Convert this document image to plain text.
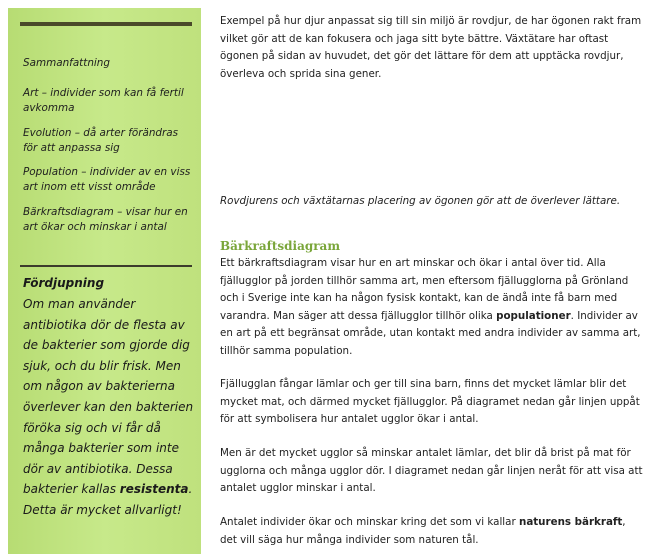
Sammanfattning
Art – individer som kan få fertil avkomma
Evolution – då arter förändras för att anpassa sig
Population – individer av en viss art inom ett visst område
Bärkraftsdiagram – visar hur en art ökar och minskar i antal
Fördjupning
Om man använder antibiotika dör de flesta av de bakterier som gjorde dig sjuk, och du blir frisk. Men om någon av bakterierna överlever kan den bakterien föröka sig och vi får då många bakterier som inte dör av antibiotika. Dessa bakterier kallas resistenta. Detta är mycket allvarligt!

Exempel på hur djur anpassat sig till sin miljö är rovdjur, de har ögonen rakt fram vilket gör att de kan fokusera och jaga sitt byte bättre. Växtätare har oftast ögonen på sidan av huvudet, det gör det lättare för dem att upptäcka rovdjur, överleva och sprida sina gener.

Rovdjurens och växtätarnas placering av ögonen gör att de överlever lättare.

Bärkraftsdiagram

Ett bärkraftsdiagram visar hur en art minskar och ökar i antal över tid. Alla fjällugglor på jorden tillhör samma art, men eftersom fjällugglorna på Grönland och i Sverige inte kan ha någon fysisk kontakt, kan de ändå inte få barn med varandra. Man säger att dessa fjällugglor tillhör olika populationer. Individer av en art på ett begränsat område, utan kontakt med andra individer av samma art, tillhör samma population.

Fjällugglan fångar lämlar och ger till sina barn, finns det mycket lämlar blir det mycket mat, och därmed mycket fjällugglor. På diagramet nedan går linjen uppåt för att symbolisera hur antalet ugglor ökar i antal.

Men är det mycket ugglor så minskar antalet lämlar, det blir då brist på mat för ugglorna och många ugglor dör. I diagramet nedan går linjen neråt för att visa att antalet ugglor minskar i antal.

Antalet individer ökar och minskar kring det som vi kallar naturens bärkraft, det vill säga hur många individer som naturen tål.
